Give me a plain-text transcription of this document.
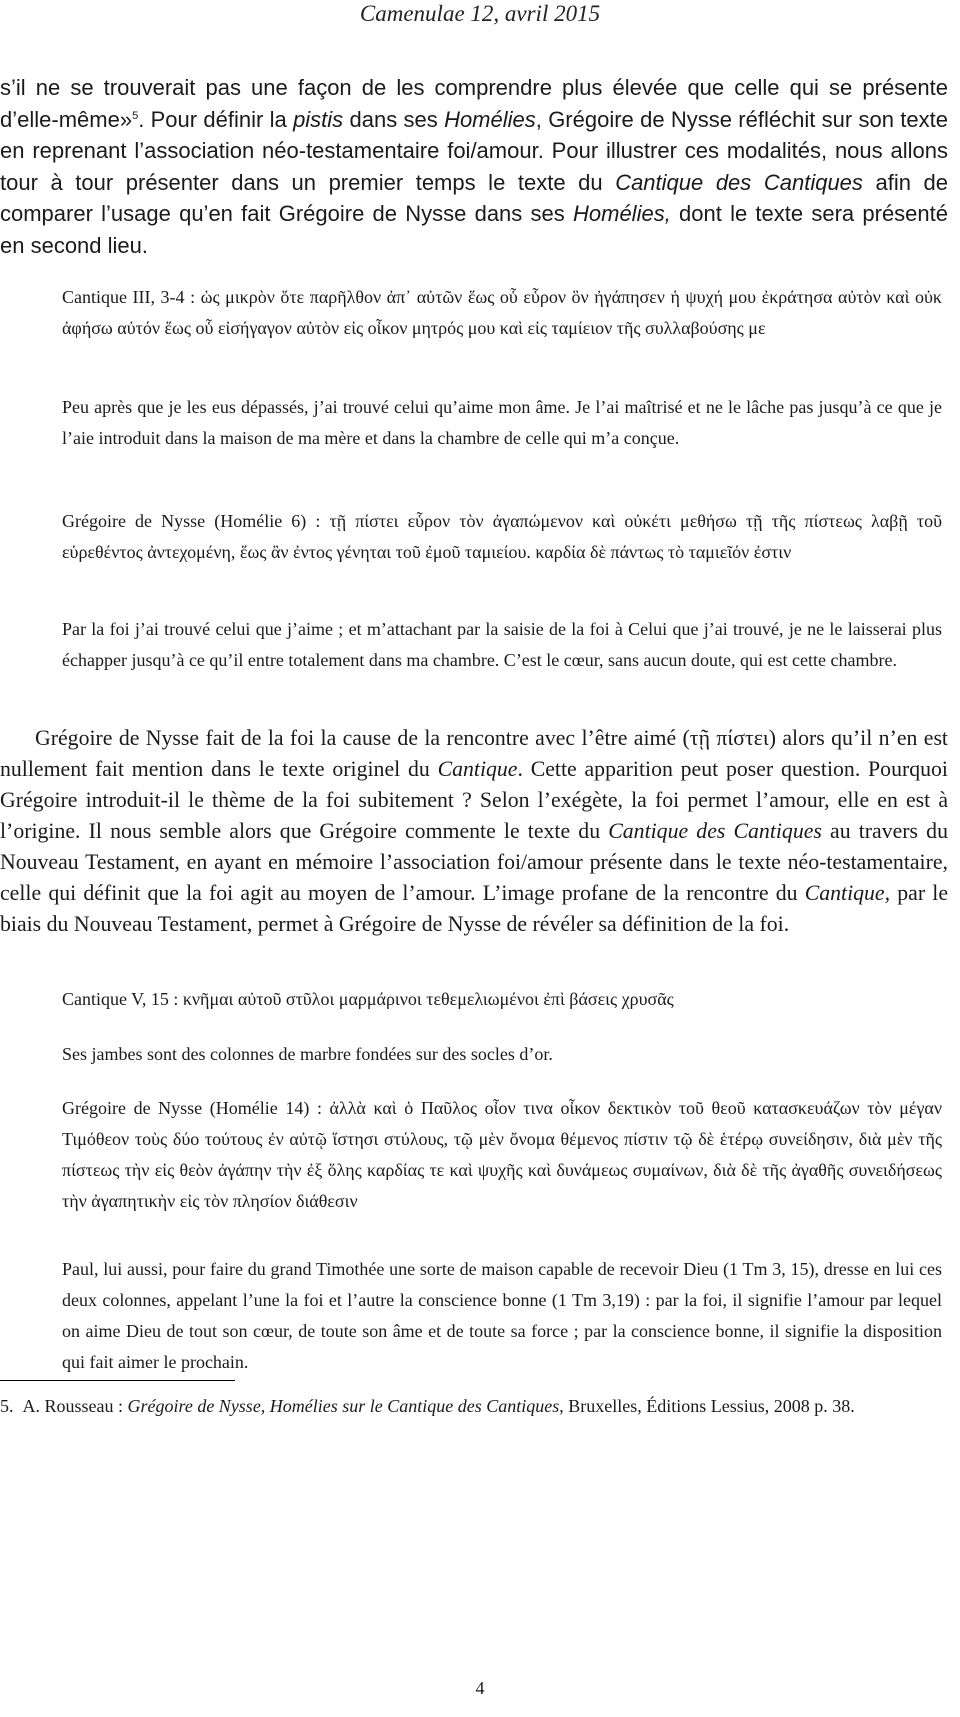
Camenulae 12, avril 2015

s’il ne se trouverait pas une façon de les comprendre plus élevée que celle qui se présente d’elle-même»$^5$. Pour définir la pistis dans ses Homélies, Grégoire de Nysse réfléchit sur son texte en reprenant l’association néo-testamentaire foi/amour. Pour illustrer ces modalités, nous allons tour à tour présenter dans un premier temps le texte du Cantique des Cantiques afin de comparer l’usage qu’en fait Grégoire de Nysse dans ses Homélies, dont le texte sera présenté en second lieu.

Cantique III, 3-4 : ὡς μικρὸν ὅτε παρῆλθον ἀπ᾽ αὐτῶν ἕως οὗ εὗρον ὃν ἠγάπησεν ἡ ψυχή μου ἐκράτησα αὐτὸν καὶ οὐκ ἀφήσω αὐτόν ἕως οὗ εἰσήγαγον αὐτὸν εἰς οἶκον μητρός μου καὶ εἰς ταμίειον τῆς συλλαβούσης με

Peu après que je les eus dépassés, j’ai trouvé celui qu’aime mon âme. Je l’ai maîtrisé et ne le lâche pas jusqu’à ce que je l’aie introduit dans la maison de ma mère et dans la chambre de celle qui m’a conçue.

Grégoire de Nysse (Homélie 6) : τῇ πίστει εὗρον τὸν ἀγαπώμενον καὶ οὐκέτι μεθήσω τῇ τῆς πίστεως λαβῇ τοῦ εὑρεθέντος ἀντεχομένη, ἕως ἂν ἐντος γένηται τοῦ ἐμοῦ ταμιείου. καρδία δὲ πάντως τὸ ταμιεῖόν ἐστιν

Par la foi j’ai trouvé celui que j’aime ; et m’attachant par la saisie de la foi à Celui que j’ai trouvé, je ne le laisserai plus échapper jusqu’à ce qu’il entre totalement dans ma chambre. C’est le cœur, sans aucun doute, qui est cette chambre.

Grégoire de Nysse fait de la foi la cause de la rencontre avec l’être aimé (τῇ πίστει) alors qu’il n’en est nullement fait mention dans le texte originel du Cantique. Cette apparition peut poser question. Pourquoi Grégoire introduit-il le thème de la foi subitement ? Selon l’exégète, la foi permet l’amour, elle en est à l’origine. Il nous semble alors que Grégoire commente le texte du Cantique des Cantiques au travers du Nouveau Testament, en ayant en mémoire l’association foi/amour présente dans le texte néo-testamentaire, celle qui définit que la foi agit au moyen de l’amour. L’image profane de la rencontre du Cantique, par le biais du Nouveau Testament, permet à Grégoire de Nysse de révéler sa définition de la foi.

Cantique V, 15 : κνῆμαι αὐτοῦ στῦλοι μαρμάρινοι τεθεμελιωμένοι ἐπὶ βάσεις χρυσᾶς

Ses jambes sont des colonnes de marbre fondées sur des socles d’or.

Grégoire de Nysse (Homélie 14) : ἀλλὰ καὶ ὁ Παῦλος οἶον τινα οἶκον δεκτικὸν τοῦ θεοῦ κατασκευάζων τὸν μέγαν Τιμόθεον τοὺς δύο τούτους ἐν αὐτῷ ἵστησι στύλους, τῷ μὲν ὄνομα θέμενος πίστιν τῷ δὲ ἑτέρῳ συνείδησιν, διὰ μὲν τῆς πίστεως τὴν εἰς θεὸν ἀγάπην τὴν ἐξ ὅλης καρδίας τε καὶ ψυχῆς καὶ δυνάμεως συμαίνων, διὰ δὲ τῆς ἀγαθῆς συνειδήσεως τὴν ἀγαπητικὴν εἰς τὸν πλησίον διάθεσιν

Paul, lui aussi, pour faire du grand Timothée une sorte de maison capable de recevoir Dieu (1 Tm 3, 15), dresse en lui ces deux colonnes, appelant l’une la foi et l’autre la conscience bonne (1 Tm 3,19) : par la foi, il signifie l’amour par lequel on aime Dieu de tout son cœur, de toute son âme et de toute sa force ; par la conscience bonne, il signifie la disposition qui fait aimer le prochain.

5. A. Rousseau : Grégoire de Nysse, Homélies sur le Cantique des Cantiques, Bruxelles, Éditions Lessius, 2008 p. 38.

4
